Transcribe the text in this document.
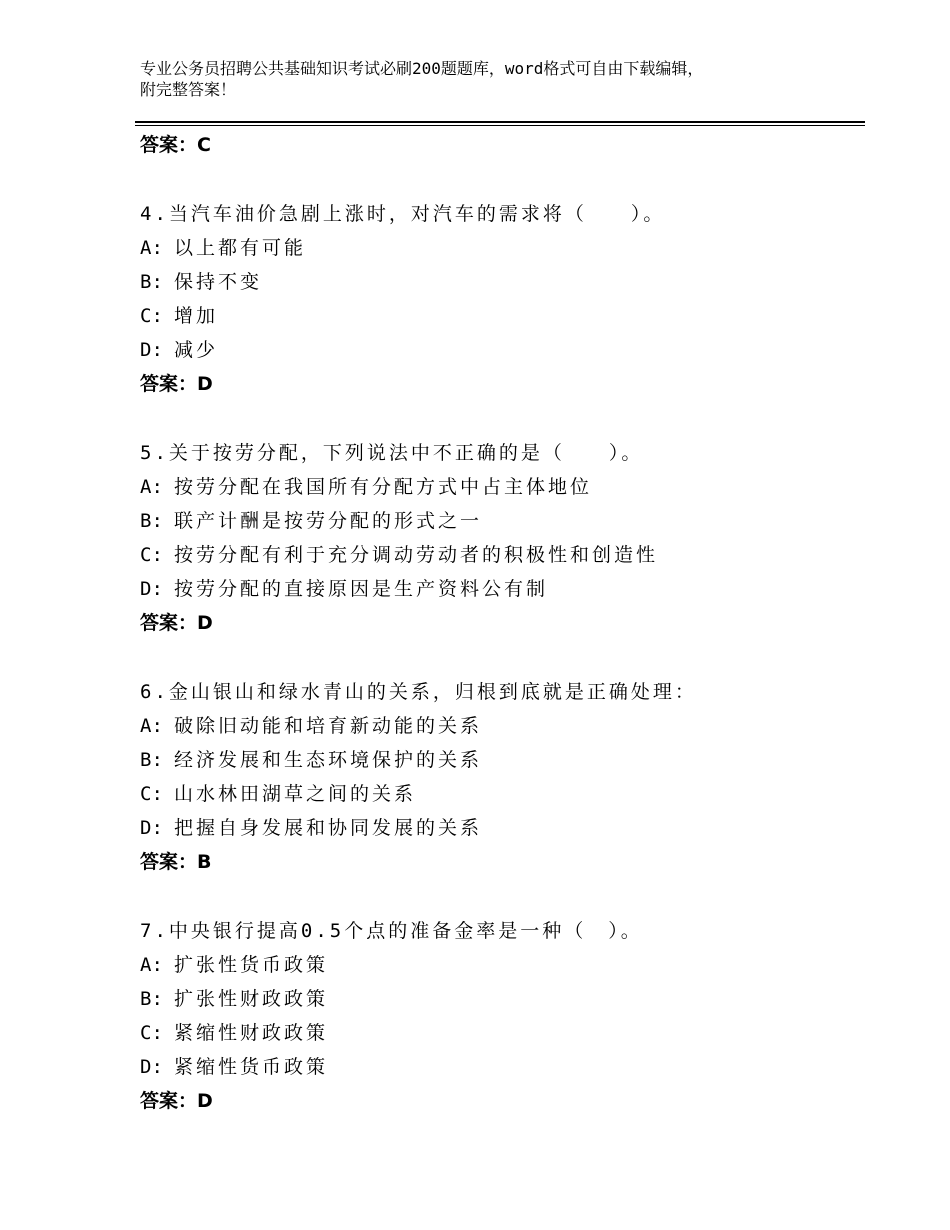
专业公务员招聘公共基础知识考试必刷200题题库，word格式可自由下载编辑，
附完整答案！
答案：C
4.当汽车油价急剧上涨时，对汽车的需求将（　　）。
A: 以上都有可能
B: 保持不变
C: 增加
D: 减少
答案：D
5.关于按劳分配，下列说法中不正确的是（　　）。
A: 按劳分配在我国所有分配方式中占主体地位
B: 联产计酬是按劳分配的形式之一
C: 按劳分配有利于充分调动劳动者的积极性和创造性
D: 按劳分配的直接原因是生产资料公有制
答案：D
6.金山银山和绿水青山的关系，归根到底就是正确处理：
A: 破除旧动能和培育新动能的关系
B: 经济发展和生态环境保护的关系
C: 山水林田湖草之间的关系
D: 把握自身发展和协同发展的关系
答案：B
7.中央银行提高0.5个点的准备金率是一种（　）。
A: 扩张性货币政策
B: 扩张性财政政策
C: 紧缩性财政政策
D: 紧缩性货币政策
答案：D
